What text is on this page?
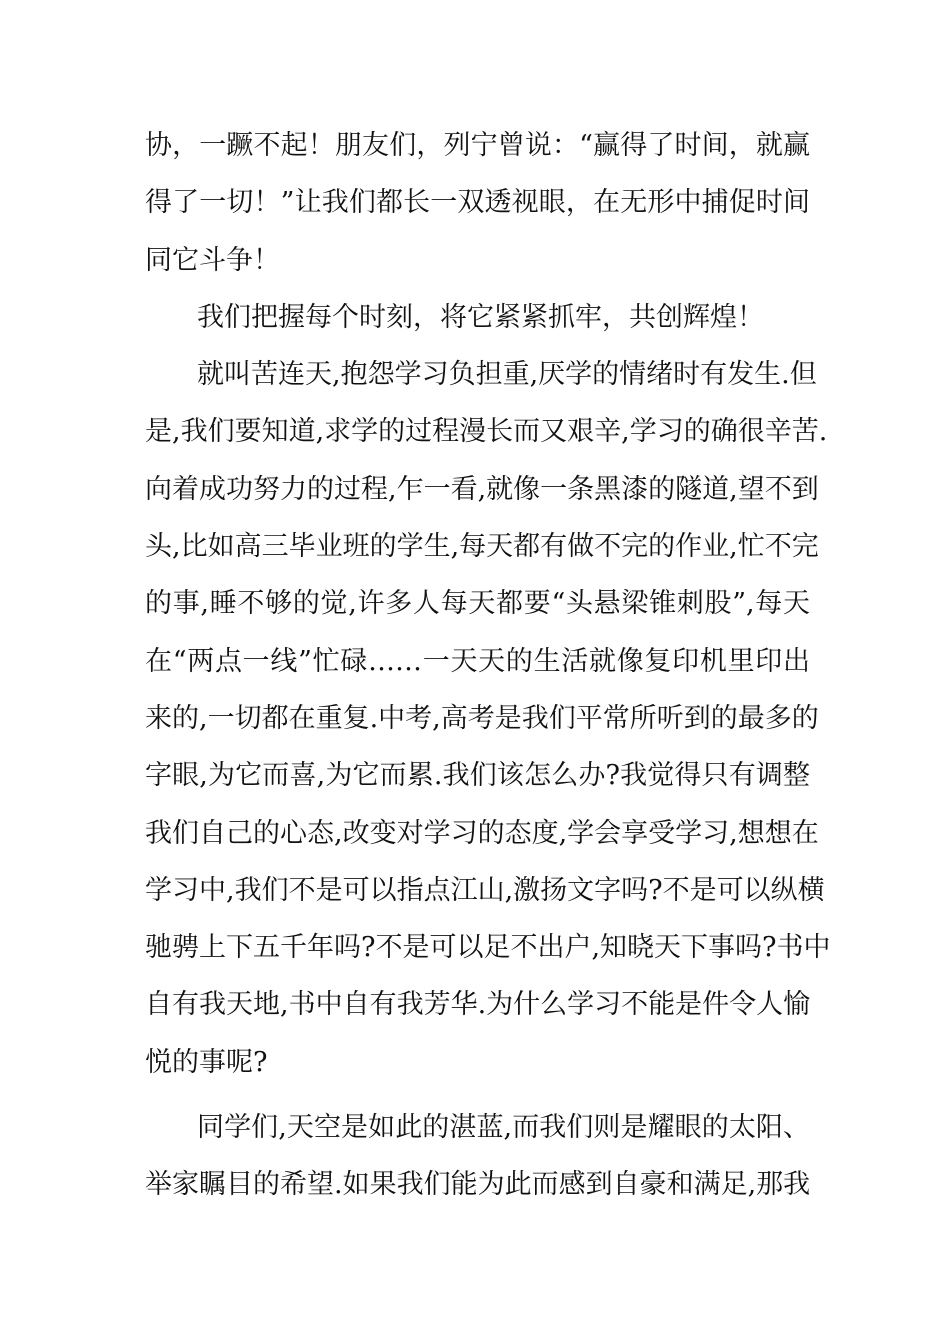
协，一蹶不起！朋友们，列宁曾说：“赢得了时间，就赢
得了一切！”让我们都长一双透视眼，在无形中捕促时间
同它斗争！
我们把握每个时刻，将它紧紧抓牢，共创辉煌！
就叫苦连天,抱怨学习负担重,厌学的情绪时有发生.但
是,我们要知道,求学的过程漫长而又艰辛,学习的确很辛苦.
向着成功努力的过程,乍一看,就像一条黑漆的隧道,望不到
头,比如高三毕业班的学生,每天都有做不完的作业,忙不完
的事,睡不够的觉,许多人每天都要“头悬梁锥刺股”,每天
在“两点一线”忙碌……一天天的生活就像复印机里印出
来的,一切都在重复.中考,高考是我们平常所听到的最多的
字眼,为它而喜,为它而累.我们该怎么办?我觉得只有调整
我们自己的心态,改变对学习的态度,学会享受学习,想想在
学习中,我们不是可以指点江山,激扬文字吗?不是可以纵横
驰骋上下五千年吗?不是可以足不出户,知晓天下事吗?书中
自有我天地,书中自有我芳华.为什么学习不能是件令人愉
悦的事呢?
同学们,天空是如此的湛蓝,而我们则是耀眼的太阳、
举家瞩目的希望.如果我们能为此而感到自豪和满足,那我
